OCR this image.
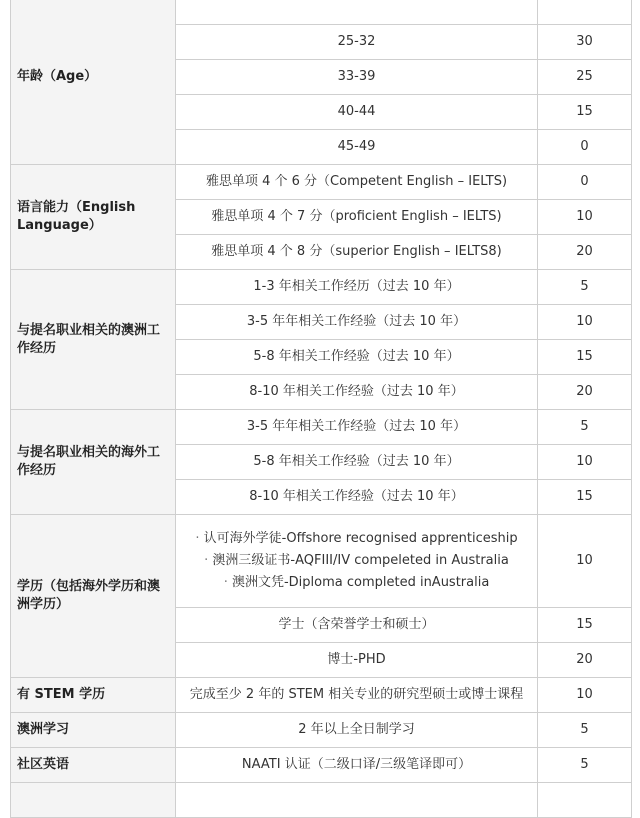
年龄（Age）		
	25-32	30
	33-39	25
	40-44	15
	45-49	0
语言能力（English Language）	雅思单项 4 个 6 分（Competent English – IELTS)	0
	雅思单项 4 个 7 分（proficient English – IELTS)	10
	雅思单项 4 个 8 分（superior English – IELTS8)	20
与提名职业相关的澳洲工作经历	1-3 年相关工作经历（过去 10 年）	5
	3-5 年年相关工作经验（过去 10 年）	10
	5-8 年相关工作经验（过去 10 年）	15
	8-10 年相关工作经验（过去 10 年）	20
与提名职业相关的海外工作经历	3-5 年年相关工作经验（过去 10 年）	5
	5-8 年相关工作经验（过去 10 年）	10
	8-10 年相关工作经验（过去 10 年）	15
学历（包括海外学历和澳洲学历）	· 认可海外学徒-Offshore recognised apprenticeship
· 澳洲三级证书-AQFIII/IV compeleted in Australia
· 澳洲文凭-Diploma completed inAustralia	10
	学士（含荣誉学士和硕士）	15
	博士-PHD	20
有 STEM 学历	完成至少 2 年的 STEM 相关专业的研究型硕士或博士课程	10
澳洲学习	2 年以上全日制学习	5
社区英语	NAATI 认证（二级口译/三级笔译即可）	5
